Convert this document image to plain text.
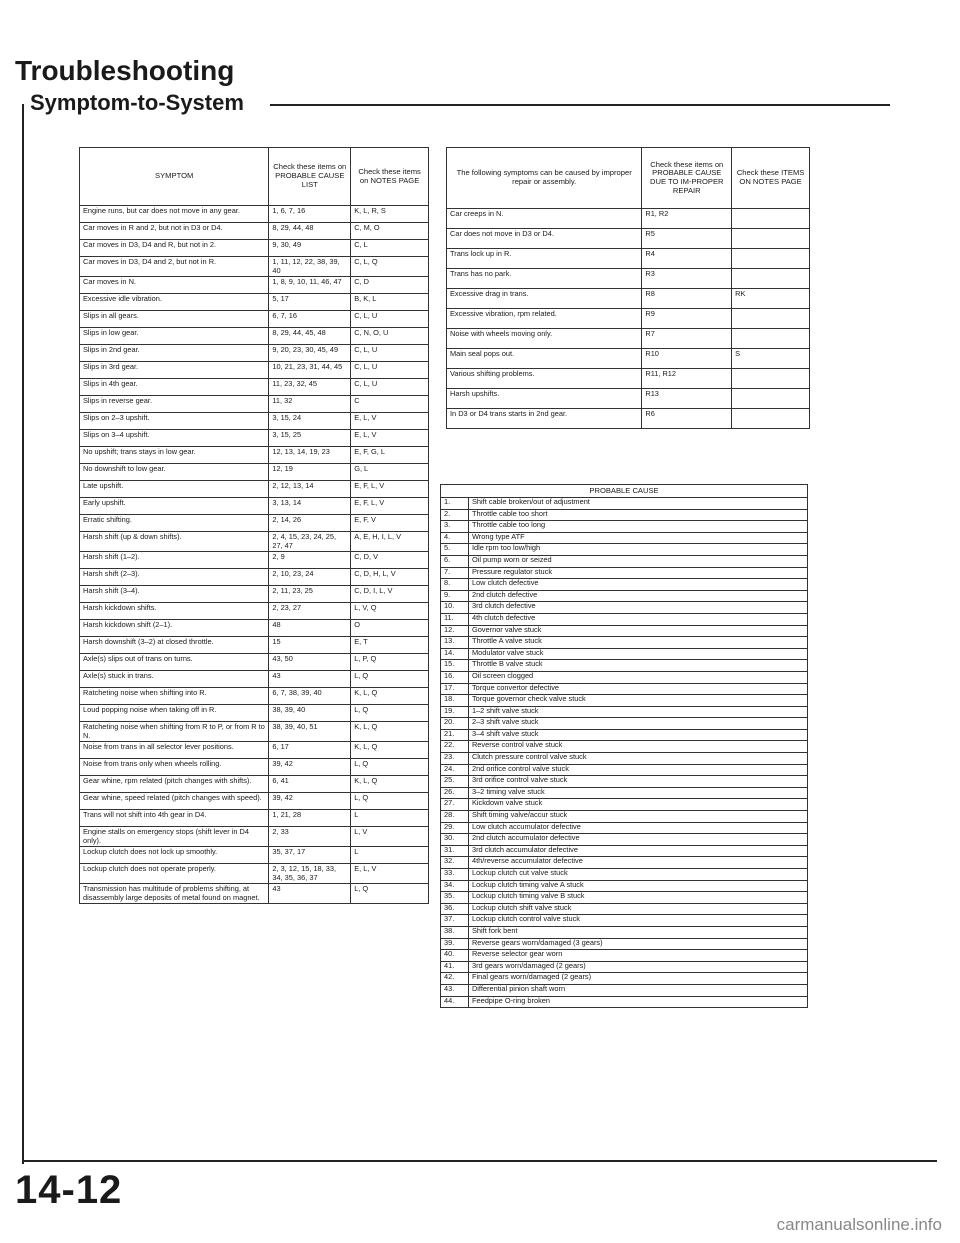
Troubleshooting
Symptom-to-System
14-12
carmanualsonline.info
SYMPTOM	Check these items on PROBABLE CAUSE LIST	Check these items on NOTES PAGE
Engine runs, but car does not move in any gear.	1, 6, 7, 16	K, L, R, S
Car moves in R and 2, but not in D3 or D4.	8, 29, 44, 48	C, M, O
Car moves in D3, D4 and R, but not in 2.	9, 30, 49	C, L
Car moves in D3, D4 and 2, but not in R.	1, 11, 12, 22, 38, 39, 40	C, L, Q
Car moves in N.	1, 8, 9, 10, 11, 46, 47	C, D
Excessive idle vibration.	5, 17	B, K, L
Slips in all gears.	6, 7, 16	C, L, U
Slips in low gear.	8, 29, 44, 45, 48	C, N, O, U
Slips in 2nd gear.	9, 20, 23, 30, 45, 49	C, L, U
Slips in 3rd gear.	10, 21, 23, 31, 44, 45	C, L, U
Slips in 4th gear.	11, 23, 32, 45	C, L, U
Slips in reverse gear.	11, 32	C
Slips on 2–3 upshift.	3, 15, 24	E, L, V
Slips on 3–4 upshift.	3, 15, 25	E, L, V
No upshift; trans stays in low gear.	12, 13, 14, 19, 23	E, F, G, L
No downshift to low gear.	12, 19	G, L
Late upshift.	2, 12, 13, 14	E, F, L, V
Early upshift.	3, 13, 14	E, F, L, V
Erratic shifting.	2, 14, 26	E, F, V
Harsh shift (up & down shifts).	2, 4, 15, 23, 24, 25, 27, 47	A, E, H, I, L, V
Harsh shift (1–2).	2, 9	C, D, V
Harsh shift (2–3).	2, 10, 23, 24	C, D, H, L, V
Harsh shift (3–4).	2, 11, 23, 25	C, D, I, L, V
Harsh kickdown shifts.	2, 23, 27	L, V, Q
Harsh kickdown shift (2–1).	48	O
Harsh downshift (3–2) at closed throttle.	15	E, T
Axle(s) slips out of trans on turns.	43, 50	L, P, Q
Axle(s) stuck in trans.	43	L, Q
Ratcheting noise when shifting into R.	6, 7, 38, 39, 40	K, L, Q
Loud popping noise when taking off in R.	38, 39, 40	L, Q
Ratcheting noise when shifting from R to P, or from R to N.	38, 39, 40, 51	K, L, Q
Noise from trans in all selector lever positions.	6, 17	K, L, Q
Noise from trans only when wheels rolling.	39, 42	L, Q
Gear whine, rpm related (pitch changes with shifts).	6, 41	K, L, Q
Gear whine, speed related (pitch changes with speed).	39, 42	L, Q
Trans will not shift into 4th gear in D4.	1, 21, 28	L
Engine stalls on emergency stops (shift lever in D4 only).	2, 33	L, V
Lockup clutch does not lock up smoothly.	35, 37, 17	L
Lockup clutch does not operate properly.	2, 3, 12, 15, 18, 33, 34, 35, 36, 37	E, L, V
Transmission has multitude of problems shifting, at disassembly large deposits of metal found on magnet.	43	L, Q
The following symptoms can be caused by improper repair or assembly.	Check these items on PROBABLE CAUSE DUE TO IM-PROPER REPAIR	Check these ITEMS ON NOTES PAGE
Car creeps in N.	R1, R2	
Car does not move in D3 or D4.	R5	
Trans lock up in R.	R4	
Trans has no park.	R3	
Excessive drag in trans.	R8	RK
Excessive vibration, rpm related.	R9	
Noise with wheels moving only.	R7	
Main seal pops out.	R10	S
Various shifting problems.	R11, R12	
Harsh upshifts.	R13	
In D3 or D4 trans starts in 2nd gear.	R6	
PROBABLE CAUSE	
1.	Shift cable broken/out of adjustment
2.	Throttle cable too short
3.	Throttle cable too long
4.	Wrong type ATF
5.	Idle rpm too low/high
6.	Oil pump worn or seized
7.	Pressure regulator stuck
8.	Low clutch defective
9.	2nd clutch defective
10.	3rd clutch defective
11.	4th clutch defective
12.	Governor valve stuck
13.	Throttle A valve stuck
14.	Modulator valve stuck
15.	Throttle B valve stuck
16.	Oil screen clogged
17.	Torque convertor defective
18.	Torque governor check valve stuck
19.	1–2 shift valve stuck
20.	2–3 shift valve stuck
21.	3–4 shift valve stuck
22.	Reverse control valve stuck
23.	Clutch pressure control valve stuck
24.	2nd orifice control valve stuck
25.	3rd orifice control valve stuck
26.	3–2 timing valve stuck
27.	Kickdown valve stuck
28.	Shift timing valve/accur stuck
29.	Low clutch accumulator defective
30.	2nd clutch accumulator defective
31.	3rd clutch accumulator defective
32.	4th/reverse accumulator defective
33.	Lockup clutch cut valve stuck
34.	Lockup clutch timing valve A stuck
35.	Lockup clutch timing valve B stuck
36.	Lockup clutch shift valve stuck
37.	Lockup clutch control valve stuck
38.	Shift fork bent
39.	Reverse gears worn/damaged (3 gears)
40.	Reverse selector gear worn
41.	3rd gears worn/damaged (2 gears)
42.	Final gears worn/damaged (2 gears)
43.	Differential pinion shaft worn
44.	Feedpipe O-ring broken
